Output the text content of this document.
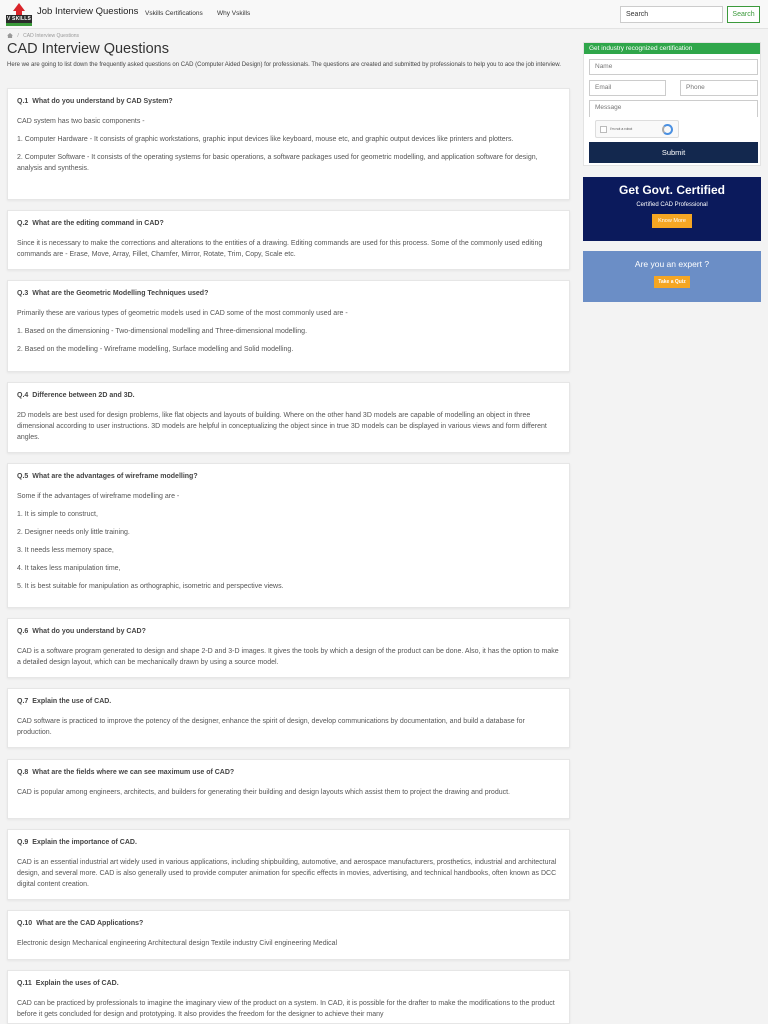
V SKILLS
Job Interview Questions Vskills Certifications Why Vskills	Search	Search
/ CAD Interview Questions
CAD Interview Questions
Here we are going to list down the frequently asked questions on CAD (Computer Aided Design) for professionals. The questions are created and submitted by professionals to help you to ace the job interview.
Q.1 What do you understand by CAD System?

CAD system has two basic components -

1. Computer Hardware - It consists of graphic workstations, graphic input devices like keyboard, mouse etc, and graphic output devices like printers and plotters.

2. Computer Software - It consists of the operating systems for basic operations, a software packages used for geometric modelling, and application software for design, analysis and synthesis.

Q.2 What are the editing command in CAD?

Since it is necessary to make the corrections and alterations to the entities of a drawing. Editing commands are used for this process. Some of the commonly used editing commands are - Erase, Move, Array, Fillet, Chamfer, Mirror, Rotate, Trim, Copy, Scale etc.

Q.3 What are the Geometric Modelling Techniques used?

Primarily these are various types of geometric models used in CAD some of the most commonly used are -

1. Based on the dimensioning - Two-dimensional modelling and Three-dimensional modelling.

2. Based on the modelling - Wireframe modelling, Surface modelling and Solid modelling.

Q.4 Difference between 2D and 3D.

2D models are best used for design problems, like flat objects and layouts of building. Where on the other hand 3D models are capable of modelling an object in three dimensional according to user instructions. 3D models are helpful in conceptualizing the object since in true 3D models can be displayed in various views and form different angles.

Q.5 What are the advantages of wireframe modelling?

Some if the advantages of wireframe modelling are -

1. It is simple to construct,

2. Designer needs only little training.

3. It needs less memory space,

4. It takes less manipulation time,

5. It is best suitable for manipulation as orthographic, isometric and perspective views.

Q.6 What do you understand by CAD?

CAD is a software program generated to design and shape 2-D and 3-D images. It gives the tools by which a design of the product can be done. Also, it has the option to make a detailed design layout, which can be mechanically drawn by using a source model.

Q.7 Explain the use of CAD.

CAD software is practiced to improve the potency of the designer, enhance the spirit of design, develop communications by documentation, and build a database for production.

Q.8 What are the fields where we can see maximum use of CAD?

CAD is popular among engineers, architects, and builders for generating their building and design layouts which assist them to project the drawing and product.

Q.9 Explain the importance of CAD.

CAD is an essential industrial art widely used in various applications, including shipbuilding, automotive, and aerospace manufacturers, prosthetics, industrial and architectural design, and several more. CAD is also generally used to provide computer animation for specific effects in movies, advertising, and technical handbooks, often known as DCC digital content creation.

Q.10 What are the CAD Applications?

Electronic design Mechanical engineering Architectural design Textile industry Civil engineering Medical

Q.11 Explain the uses of CAD.

CAD can be practiced by professionals to imagine the imaginary view of the product on a system. In CAD, it is possible for the drafter to make the modifications to the product before it gets concluded for design and prototyping. It also provides the freedom for the designer to achieve their many

Get industry recognized certification
Name
Email	Phone
Message
I'm not a robot
Submit
Get Govt. Certified
Certified CAD Professional
Know More
Are you an expert ?
Take a Quiz
